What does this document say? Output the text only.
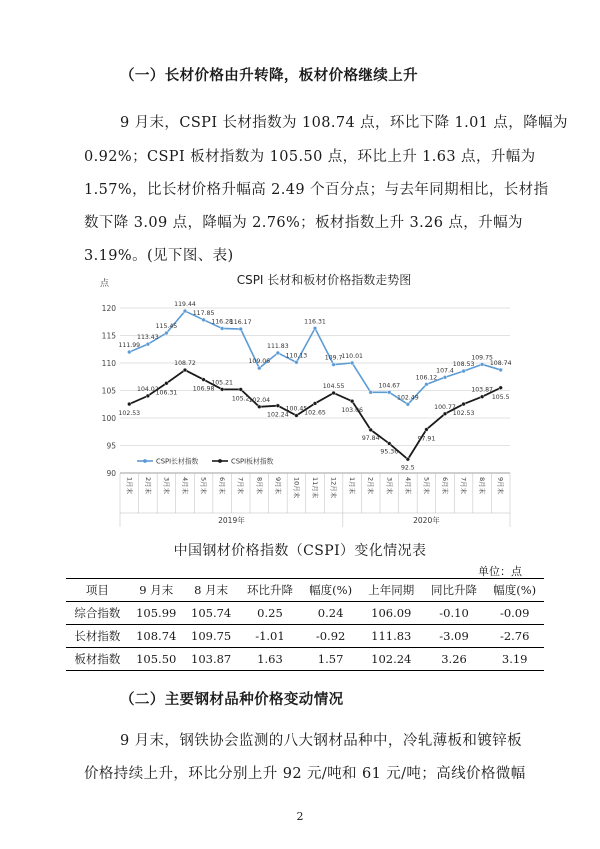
（一）长材价格由升转降，板材价格继续上升
9 月末，CSPI 长材指数为 108.74 点，环比下降 1.01 点，降幅为
0.92%；CSPI 板材指数为 105.50 点，环比上升 1.63 点，升幅为
1.57%，比长材价格升幅高 2.49 个百分点；与去年同期相比，长材指
数下降 3.09 点，降幅为 2.76%；板材指数上升 3.26 点，升幅为
3.19%。(见下图、表)
CSPI 长材和板材价格指数走势图
点
90
95
100
105
110
115
120
1月末 2月末 3月末 4月末 5月末 6月末 7月末 8月末 9月末 10月末 11月末 12月末 1月末 2月末 3月末 4月末 5月末 6月末 7月末 8月末 9月末
2019年	2020年
111.99
113.43
115.45
119.44
117.85
116.28
116.17
109.06
111.83
110.13
116.31
109.7
110.01
104.67
102.49
106.12
107.4
108.53
109.75
108.74
102.53
104.02
106.31
108.72
106.98
105.21
105.2
102.04
102.24
100.45
102.65
104.55
103.06
97.84
95.36
92.5
97.91
100.77
102.53
103.87
105.5
CSPI长材指数	CSPI板材指数
中国钢材价格指数（CSPI）变化情况表
单位：点
项目	9 月末	8 月末	环比升降	幅度(%)	上年同期	同比升降	幅度(%)
综合指数	105.99	105.74	0.25	0.24	106.09	-0.10	-0.09
长材指数	108.74	109.75	-1.01	-0.92	111.83	-3.09	-2.76
板材指数	105.50	103.87	1.63	1.57	102.24	3.26	3.19
（二）主要钢材品种价格变动情况
9 月末，钢铁协会监测的八大钢材品种中，冷轧薄板和镀锌板
价格持续上升，环比分别上升 92 元/吨和 61 元/吨；高线价格微幅
2
